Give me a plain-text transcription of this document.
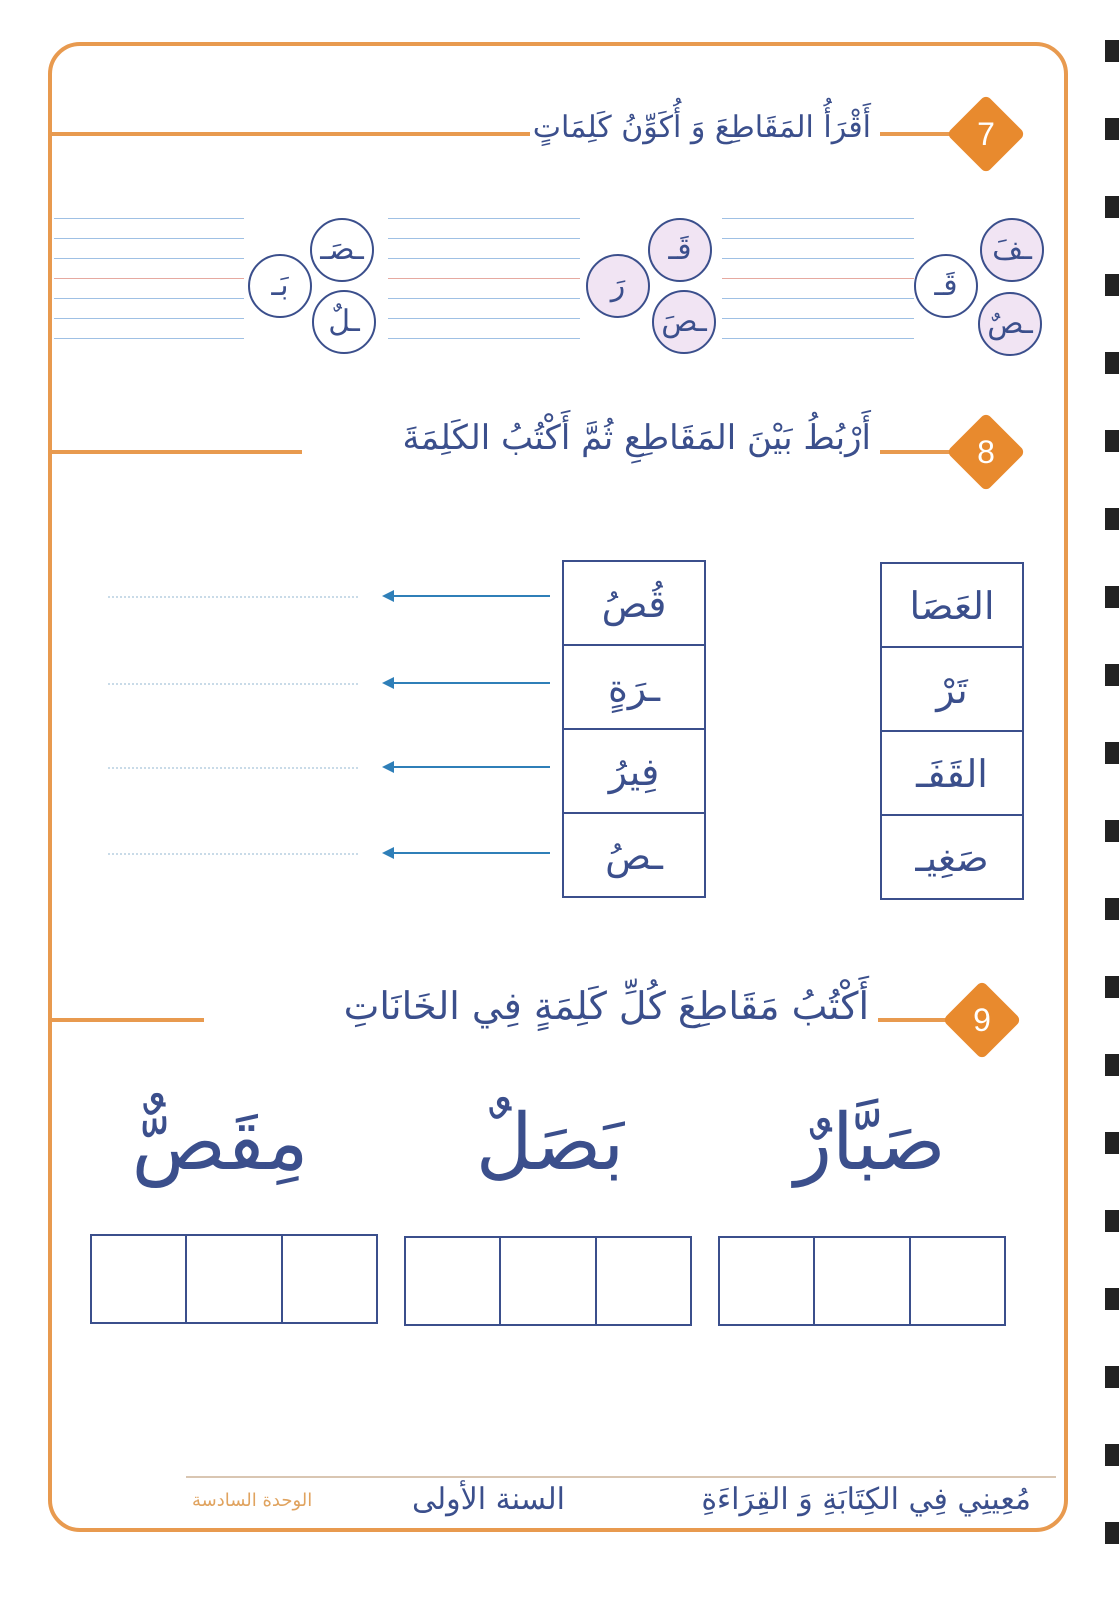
7
أَقْرَأُ المَقَاطِعَ وَ أُكَوِّنُ كَلِمَاتٍ
ـفَ
قَـ
ـصٌ
قَـ
رَ
ـصَ
ـصَـ
بَـ
ـلٌ
8
أَرْبُطُ بَيْنَ المَقَاطِعِ ثُمَّ أَكْتُبُ الكَلِمَةَ
العَصَا
تَرْ
القَفَـ
صَغِيـ
قُصُ
ـرَةٍ
فِيرُ
ـصُ
9
أَكْتُبُ مَقَاطِعَ كُلِّ كَلِمَةٍ فِي الخَانَاتِ
صَبَّارٌ
بَصَلٌ
مِقَصٌّ
مُعِينِي فِي الكِتَابَةِ وَ القِرَاءَةِ
السنة الأولى
الوحدة السادسة
